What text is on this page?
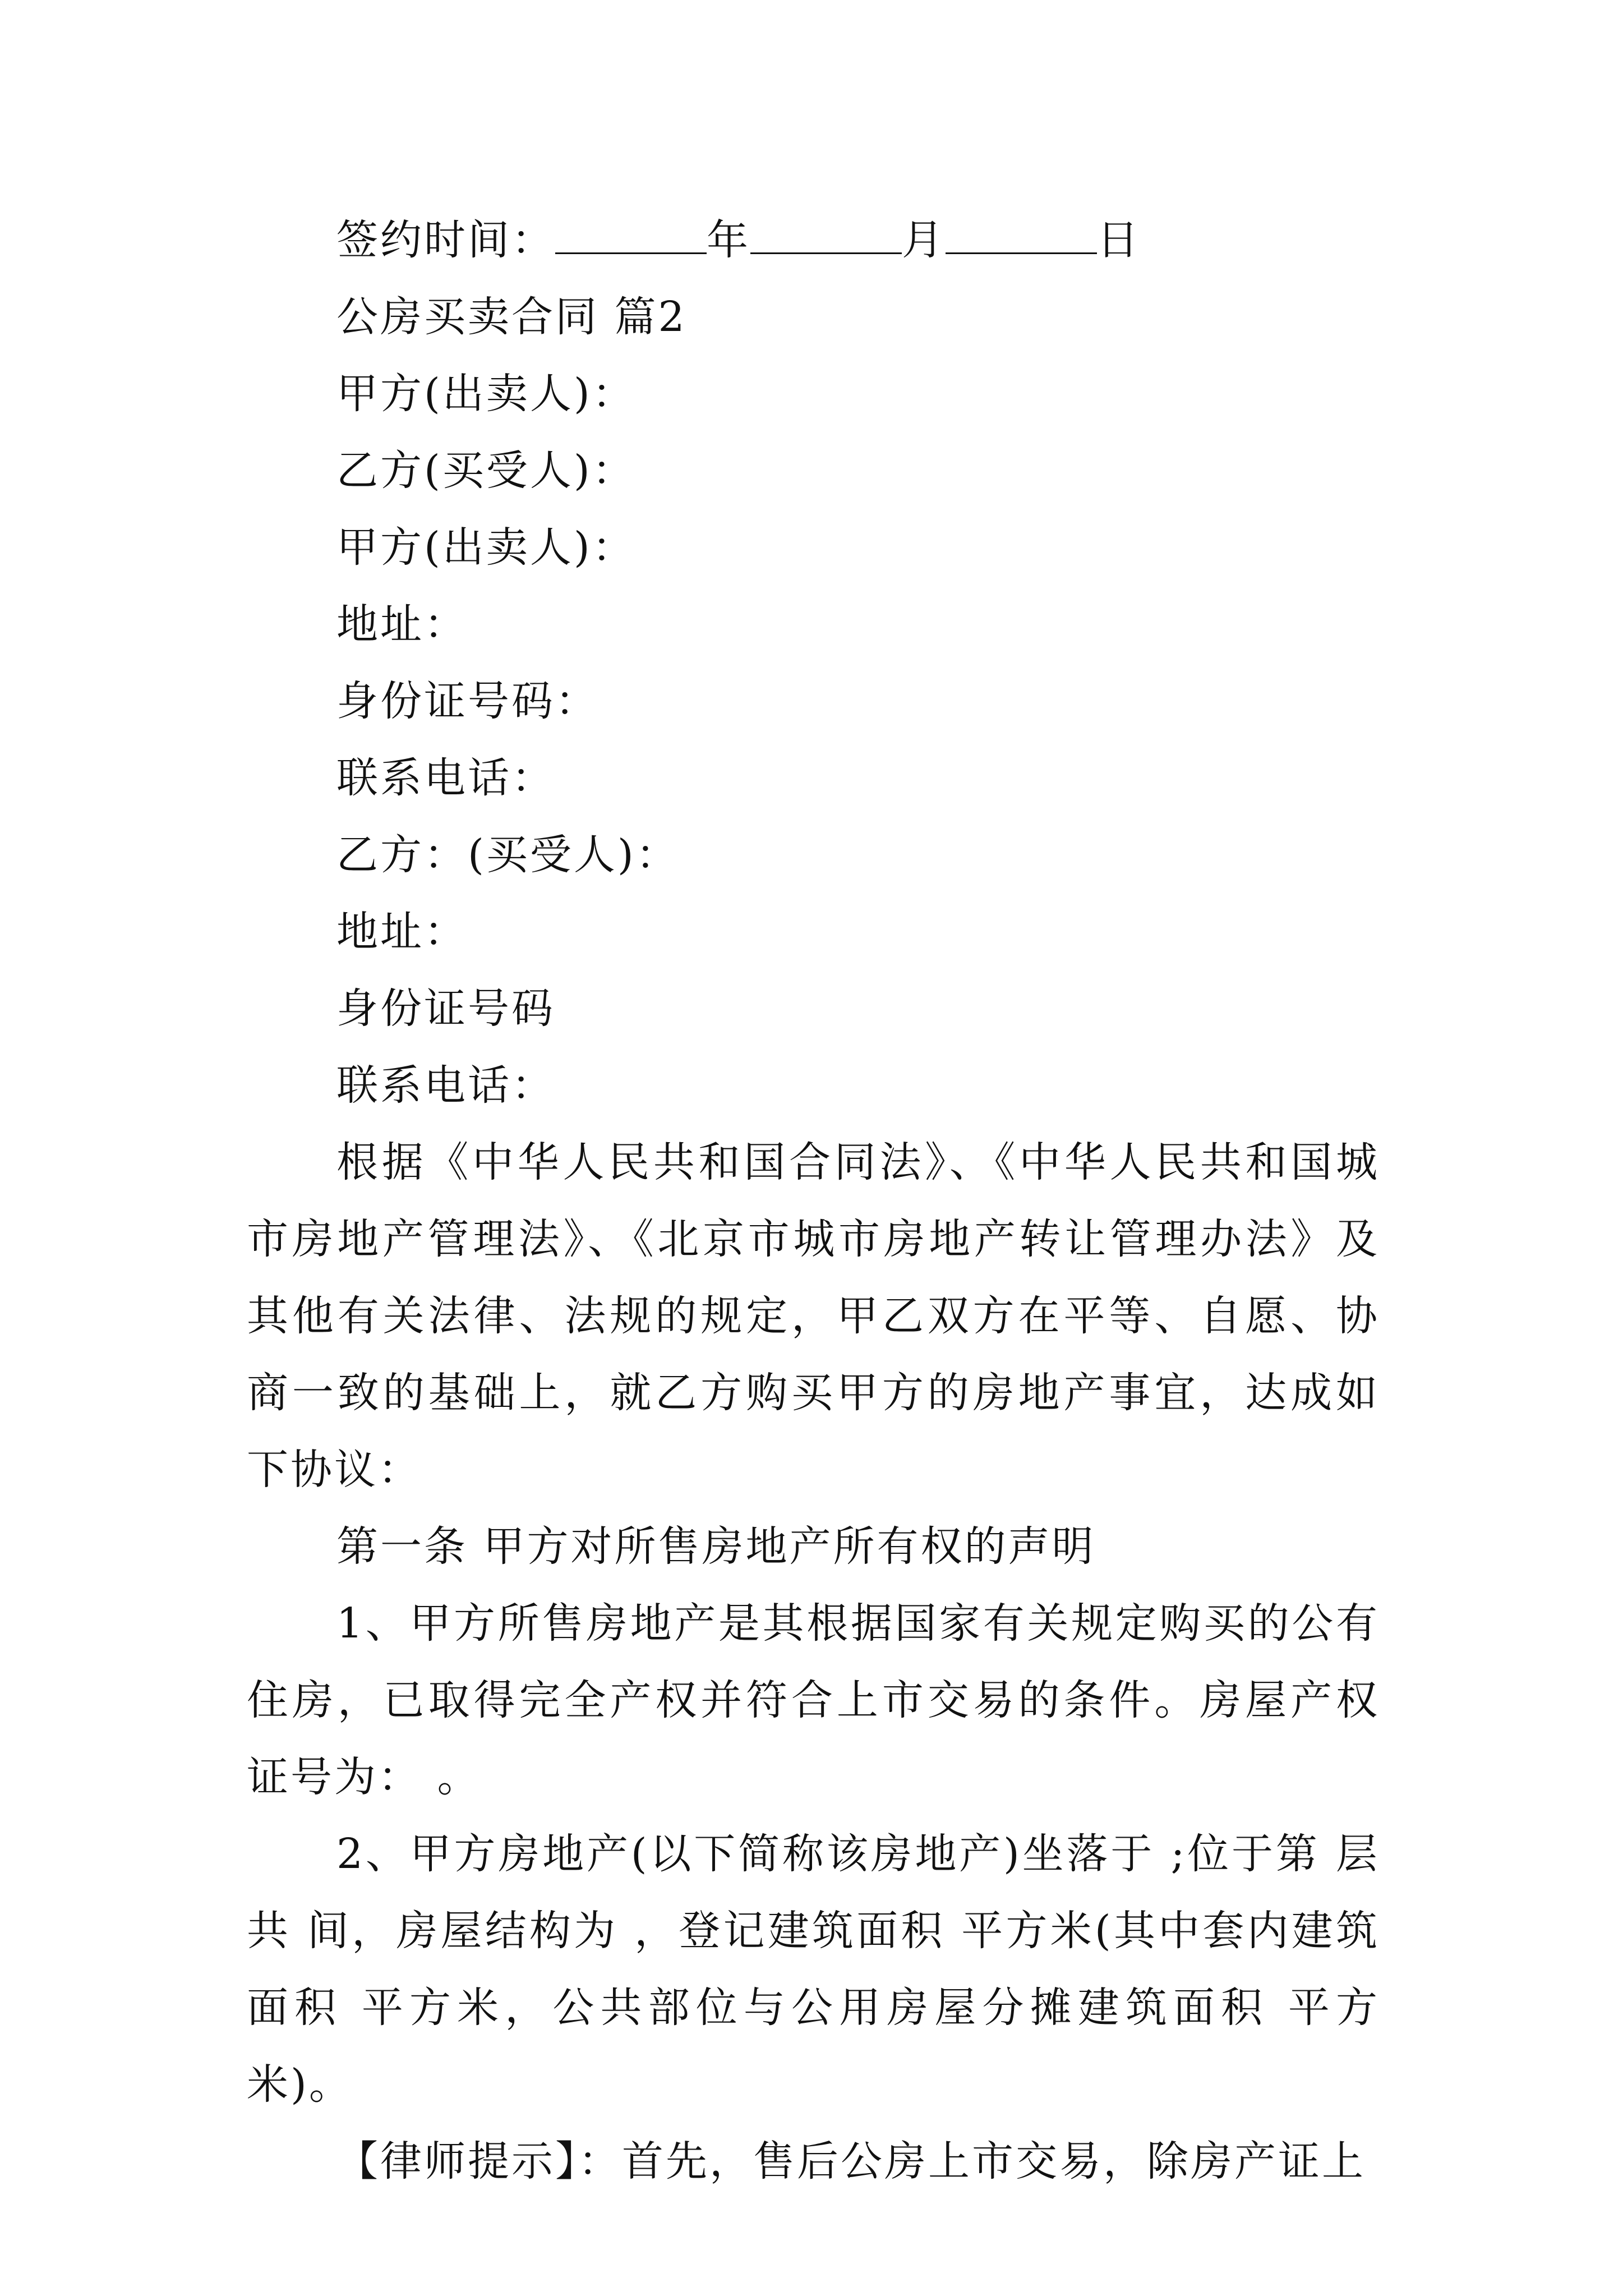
签约时间：	年	月	日
公房买卖合同 篇2
甲方(出卖人)：
乙方(买受人)：
甲方(出卖人)：
地址：
身份证号码：
联系电话：
乙方：(买受人)：
地址：
身份证号码
联系电话：

根据《中华人民共和国合同法》、《中华人民共和国城市房地产管理法》、《北京市城市房地产转让管理办法》及其他有关法律、法规的规定，甲乙双方在平等、自愿、协商一致的基础上，就乙方购买甲方的房地产事宜，达成如下协议：

第一条 甲方对所售房地产所有权的声明

1、甲方所售房地产是其根据国家有关规定购买的公有住房，已取得完全产权并符合上市交易的条件。房屋产权证号为： 。

2、甲方房地产(以下简称该房地产)坐落于 ;位于第 层共 间，房屋结构为 ，登记建筑面积 平方米(其中套内建筑面积 平方米，公共部位与公用房屋分摊建筑面积 平方米)。

【律师提示】：首先，售后公房上市交易，除房产证上
